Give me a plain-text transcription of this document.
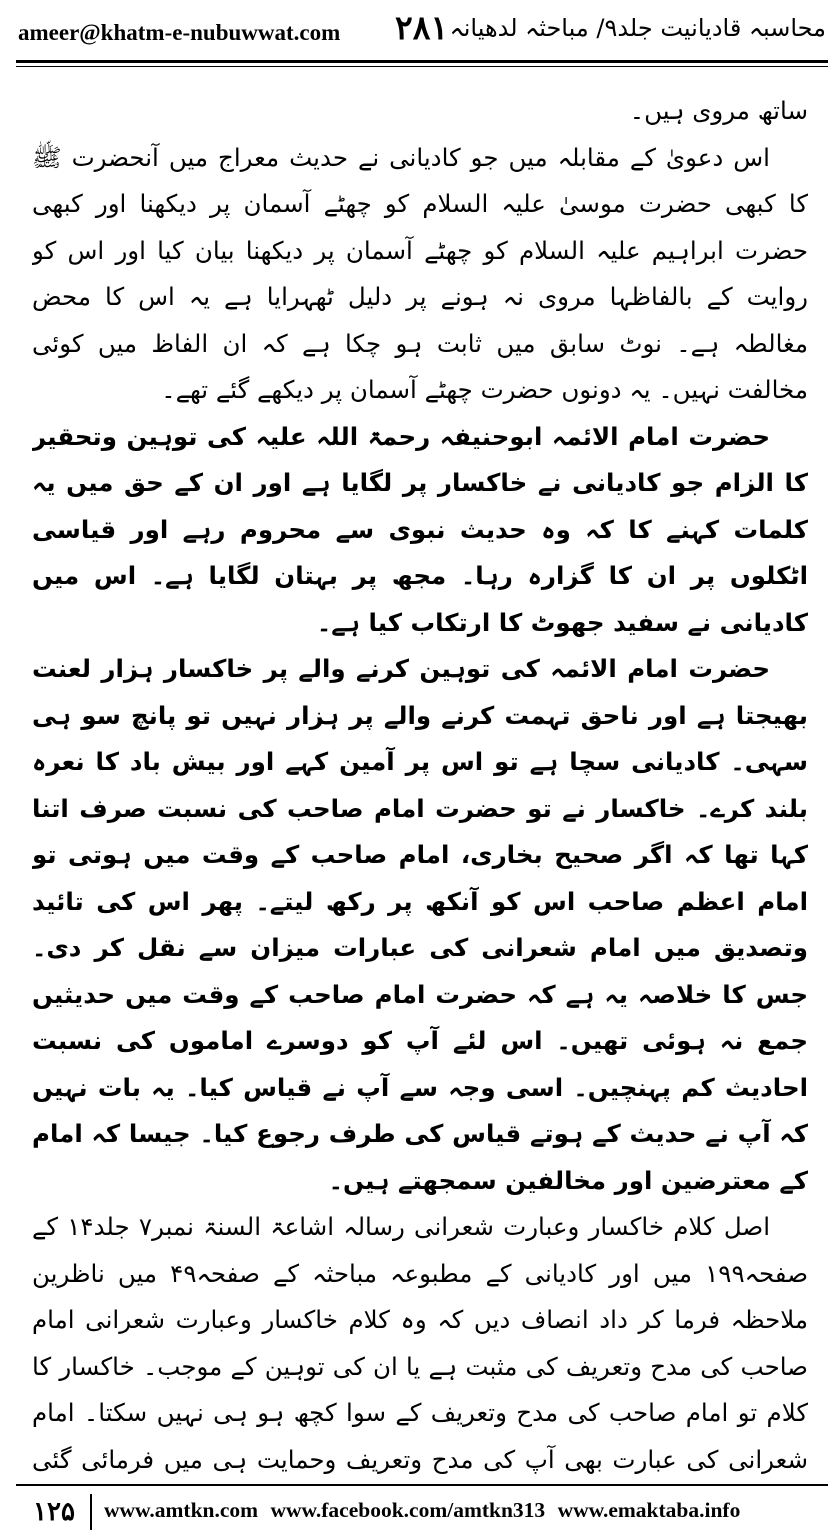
ameer@khatm-e-nubuwwat.com ۲۸۱ محاسبہ قادیانیت جلد۹/ مباحثہ لدھیانہ

ساتھ مروی ہیں۔

اس دعویٰ کے مقابلہ میں جو کادیانی نے حدیث معراج میں آنحضرت ﷺ کا کبھی حضرت موسیٰ علیہ السلام کو چھٹے آسمان پر دیکھنا اور کبھی حضرت ابراہیم علیہ السلام کو چھٹے آسمان پر دیکھنا بیان کیا اور اس کو روایت کے بالفاظہا مروی نہ ہونے پر دلیل ٹھہرایا ہے یہ اس کا محض مغالطہ ہے۔ نوٹ سابق میں ثابت ہو چکا ہے کہ ان الفاظ میں کوئی مخالفت نہیں۔ یہ دونوں حضرت چھٹے آسمان پر دیکھے گئے تھے۔

حضرت امام الائمہ ابوحنیفہ رحمۃ اللہ علیہ کی توہین وتحقیر کا الزام جو کادیانی نے خاکسار پر لگایا ہے اور ان کے حق میں یہ کلمات کہنے کا کہ وہ حدیث نبوی سے محروم رہے اور قیاسی اٹکلوں پر ان کا گزارہ رہا۔ مجھ پر بہتان لگایا ہے۔ اس میں کادیانی نے سفید جھوٹ کا ارتکاب کیا ہے۔

حضرت امام الائمہ کی توہین کرنے والے پر خاکسار ہزار لعنت بھیجتا ہے اور ناحق تہمت کرنے والے پر ہزار نہیں تو پانچ سو ہی سہی۔ کادیانی سچا ہے تو اس پر آمین کہے اور بیش باد کا نعرہ بلند کرے۔ خاکسار نے تو حضرت امام صاحب کی نسبت صرف اتنا کہا تھا کہ اگر صحیح بخاری، امام صاحب کے وقت میں ہوتی تو امام اعظم صاحب اس کو آنکھ پر رکھ لیتے۔ پھر اس کی تائید وتصدیق میں امام شعرانی کی عبارات میزان سے نقل کر دی۔ جس کا خلاصہ یہ ہے کہ حضرت امام صاحب کے وقت میں حدیثیں جمع نہ ہوئی تھیں۔ اس لئے آپ کو دوسرے اماموں کی نسبت احادیث کم پہنچیں۔ اسی وجہ سے آپ نے قیاس کیا۔ یہ بات نہیں کہ آپ نے حدیث کے ہوتے قیاس کی طرف رجوع کیا۔ جیسا کہ امام کے معترضین اور مخالفین سمجھتے ہیں۔

اصل کلام خاکسار وعبارت شعرانی رسالہ اشاعۃ السنۃ نمبر۷ جلد۱۴ کے صفحہ۱۹۹ میں اور کادیانی کے مطبوعہ مباحثہ کے صفحہ۴۹ میں ناظرین ملاحظہ فرما کر داد انصاف دیں کہ وہ کلام خاکسار وعبارت شعرانی امام صاحب کی مدح وتعریف کی مثبت ہے یا ان کی توہین کے موجب۔ خاکسار کا کلام تو امام صاحب کی مدح وتعریف کے سوا کچھ ہو ہی نہیں سکتا۔ امام شعرانی کی عبارت بھی آپ کی مدح وتعریف وحمایت ہی میں فرمائی گئی

۱۲۵	www.amtkn.com www.facebook.com/amtkn313 www.emaktaba.info
